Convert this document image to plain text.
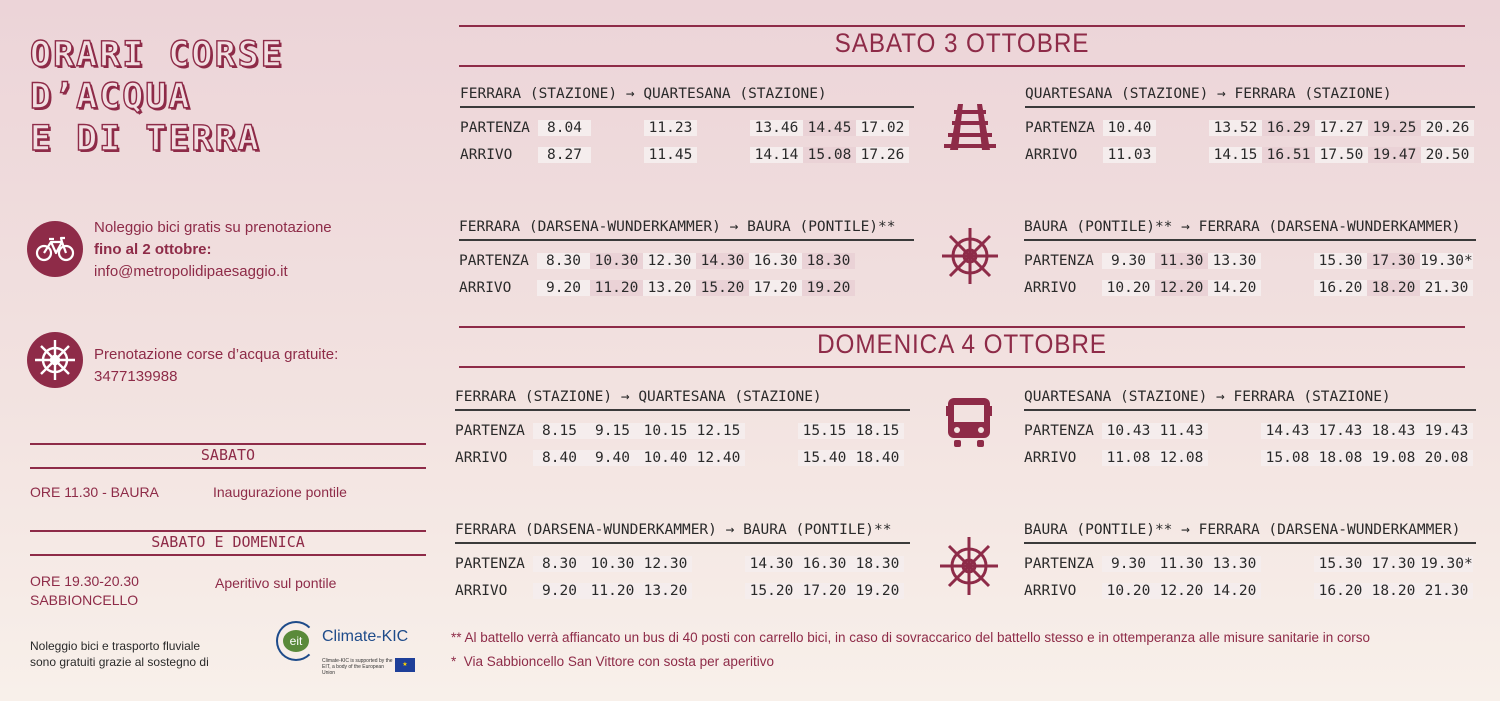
ORARI CORSE
D’ACQUA
E DI TERRA
Noleggio bici gratis su prenotazione
fino al 2 ottobre:
info@metropolidipaesaggio.it
Prenotazione corse d’acqua gratuite:
3477139988
SABATO
ORE 11.30 - BAURA	Inaugurazione pontile
SABATO E DOMENICA
ORE 19.30-20.30
SABBIONCELLO
Aperitivo sul pontile
Noleggio bici e trasporto fluviale
sono gratuiti grazie al sostegno di
eit	Climate-KIC
Climate-KIC is supported by the
EIT, a body of the European Union
★
SABATO 3 OTTOBRE
DOMENICA 4 OTTOBRE
FERRARA (STAZIONE) → QUARTESANA (STAZIONE)
PARTENZA	8.04	11.23	13.46 14.45 17.02
ARRIVO	8.27	11.45	14.14 15.08 17.26
QUARTESANA (STAZIONE) → FERRARA (STAZIONE)
PARTENZA 10.40	13.52 16.29 17.27 19.25 20.26
ARRIVO	11.03	14.15 16.51 17.50 19.47 20.50
FERRARA (DARSENA-WUNDERKAMMER) → BAURA (PONTILE)**
PARTENZA	8.30 10.30 12.30 14.30 16.30 18.30
ARRIVO	9.20 11.20 13.20 15.20 17.20 19.20
BAURA (PONTILE)** → FERRARA (DARSENA-WUNDERKAMMER)
PARTENZA	9.30 11.30 13.30	15.30 17.30 19.30*
ARRIVO	10.20 12.20 14.20	16.20 18.20 21.30
FERRARA (STAZIONE) → QUARTESANA (STAZIONE)
PARTENZA	8.15	9.15 10.15 12.15	15.15 18.15
ARRIVO	8.40	9.40 10.40 12.40	15.40 18.40
QUARTESANA (STAZIONE) → FERRARA (STAZIONE)
PARTENZA 10.43 11.43	14.43 17.43 18.43 19.43
ARRIVO	11.08 12.08	15.08 18.08 19.08 20.08
FERRARA (DARSENA-WUNDERKAMMER) → BAURA (PONTILE)**
PARTENZA	8.30 10.30 12.30	14.30 16.30 18.30
ARRIVO	9.20 11.20 13.20	15.20 17.20 19.20
BAURA (PONTILE)** → FERRARA (DARSENA-WUNDERKAMMER)
PARTENZA	9.30 11.30 13.30	15.30 17.30 19.30*
ARRIVO	10.20 12.20 14.20	16.20 18.20 21.30
** Al battello verrà affiancato un bus di 40 posti con carrello bici, in caso di sovraccarico del battello stesso e in ottemperanza alle misure sanitarie in corso
*  Via Sabbioncello San Vittore con sosta per aperitivo
